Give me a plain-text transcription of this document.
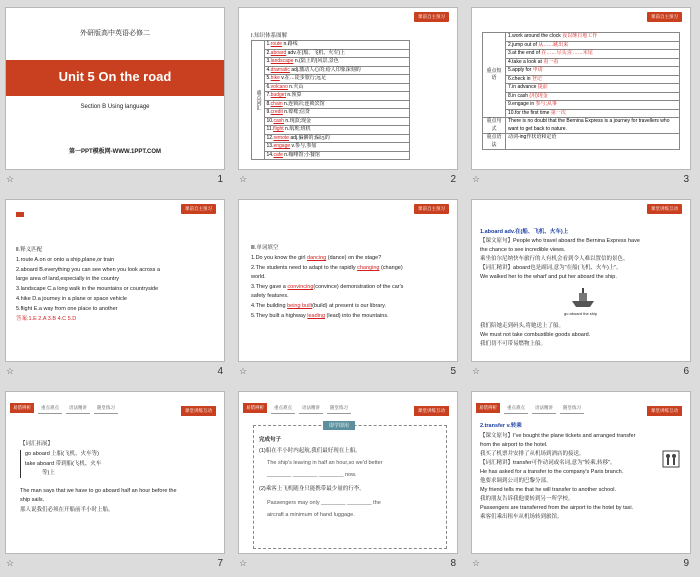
外研版高中英语必修二
Unit 5 On the road
Section B Using language
第一PPT模板网-WWW.1PPT.COM
☆	1
课前自主预习
Ⅰ.知识体系图解
重点词汇	1.route n.路线
2.aboard adv.在(船、飞机、火车)上
3.landscape n.(陆上的)风景,景色
4.dramatic adj.激动人心的;给人印象深刻的
5.hike v.在…徒步旅行;远足
6.volcano n.火山
7.budget n.预算
8.chain n.连锁店;连锁宾馆
9.credit n.赊账;信贷
10.cash n.现款;现金
11.flight n.航班;班机
12.remote adj.偏僻的;偏远的
13.engage v.参与,参加
14.cafe n.咖啡馆;小餐馆
☆	2
课前自主预习
重点短语	1.work around the clock 夜以继日地工作
	2.jump out of 从……跳出来
	3.at the end of 在……尽头;在……末尾
	4.take a look at 看一看
	5.apply for 申请
	6.check in 登记
	7.in advance 提前
	8.in cash (用)现金
	9.engage in 参与;从事
	10.for the first time 第一次
重点句式	There is no doubt that the Bernina Express is a journey for travellers who want to get back to nature.
重点语法	动词-ing作状语和定语
☆	3
课前自主预习
Ⅱ.释义匹配
1.route A.on or onto a ship,plane,or train
2.aboard B.everything you can see when you look across a
large area of land,especially in the country
3.landscape C.a long walk in the mountains or countryside
4.hike D.a journey in a plane or space vehicle
5.flight E.a way from one place to another
答案:1.E 2.A 3.B 4.C 5.D
☆	4
课前自主预习
Ⅲ.单词填空
1.Do you know the girl dancing (dance) on the stage?
2.The students need to adapt to the rapidly changing (change)
world.
3.They gave a convincing(convince) demonstration of the car's
safety features.
4.The building being built(build) at present is our library.
5.They built a highway leading (lead) into the mountains.
☆	5
课堂讲练互动
1.aboard adv.在(船、飞机、火车)上
【课文原句】People who travel aboard the Bernina Express have
the chance to see incredible views.
乘坐伯尔尼纳快车旅行的人有机会看到令人难以置信的景色。
【词汇精讲】aboard也是副词,意为"在船(飞机、火车)上"。
We walked her to the wharf and put her aboard the ship.
go aboard the ship
我们陪她走到码头,将她送上了船。
We must not take combustible goods aboard.
我们切不可带易燃物上船。
☆	6
易错辨析 重点难点 语法精讲 随堂练习
课堂讲练互动
【词汇拓展】
go aboard 上船(飞机、火车等)
take aboard 带到船(飞机、火车
等)上
The man says that we have to go aboard half an hour before the
ship sails.
那人说我们必须在开船前半小时上船。
☆	7
易错辨析 重点难点 语法精讲 随堂练习
课堂讲练互动
即学即用
完成句子
(1)船在半小时内起航,我们最好现在上船。
The ship's leaving in half an hour,so we'd better
________ ________ ________ now.
(2)乘客上飞机随身只能携带最少量的行李。
Passengers may only ________ ________ the
aircraft a minimum of hand luggage.
☆	8
易错辨析 重点难点 语法精讲 随堂练习
课堂讲练互动
2.transfer v.转乘
【课文原句】I've bought the plane tickets and arranged transfer
from the airport to the hotel.
我买了机票并安排了从机场到酒店的接送。
【词汇精讲】transfer可作动词或名词,意为"转乘,转移"。
He has asked for a transfer to the company's Paris branch.
他要求调到公司的巴黎分部。
My friend tells me that he will transfer to another school.
我的朋友告诉我他要转到另一所学校。
Passengers are transferred from the airport to the hotel by taxi.
乘客们乘出租车从机场转到旅馆。
☆	9
